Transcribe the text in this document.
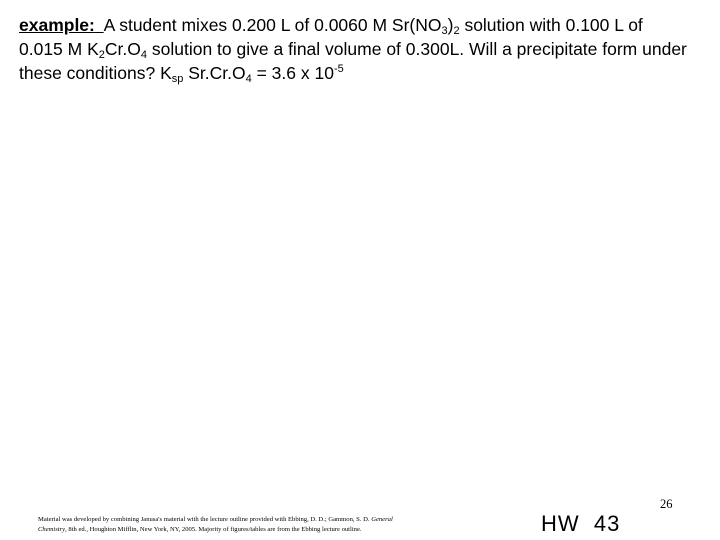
example: A student mixes 0.200 L of 0.0060 M $Sr(NO_3)_2$ solution with 0.100 L of
0.015 M $K_2Cr.O_4$ solution to give a final volume of 0.300L. Will a precipitate form under
these conditions? $K_{sp}$ $Sr.Cr.O_4 = 3.6$ x $10^{-5}$
Material was developed by combining Janusa's material with the lecture outline provided with Ebbing, D. D.; Gammon, S. D. General
Chemistry, 8th ed., Houghton Mifflin, New York, NY, 2005. Majority of figures/tables are from the Ebbing lecture outline.	HW  43
26
